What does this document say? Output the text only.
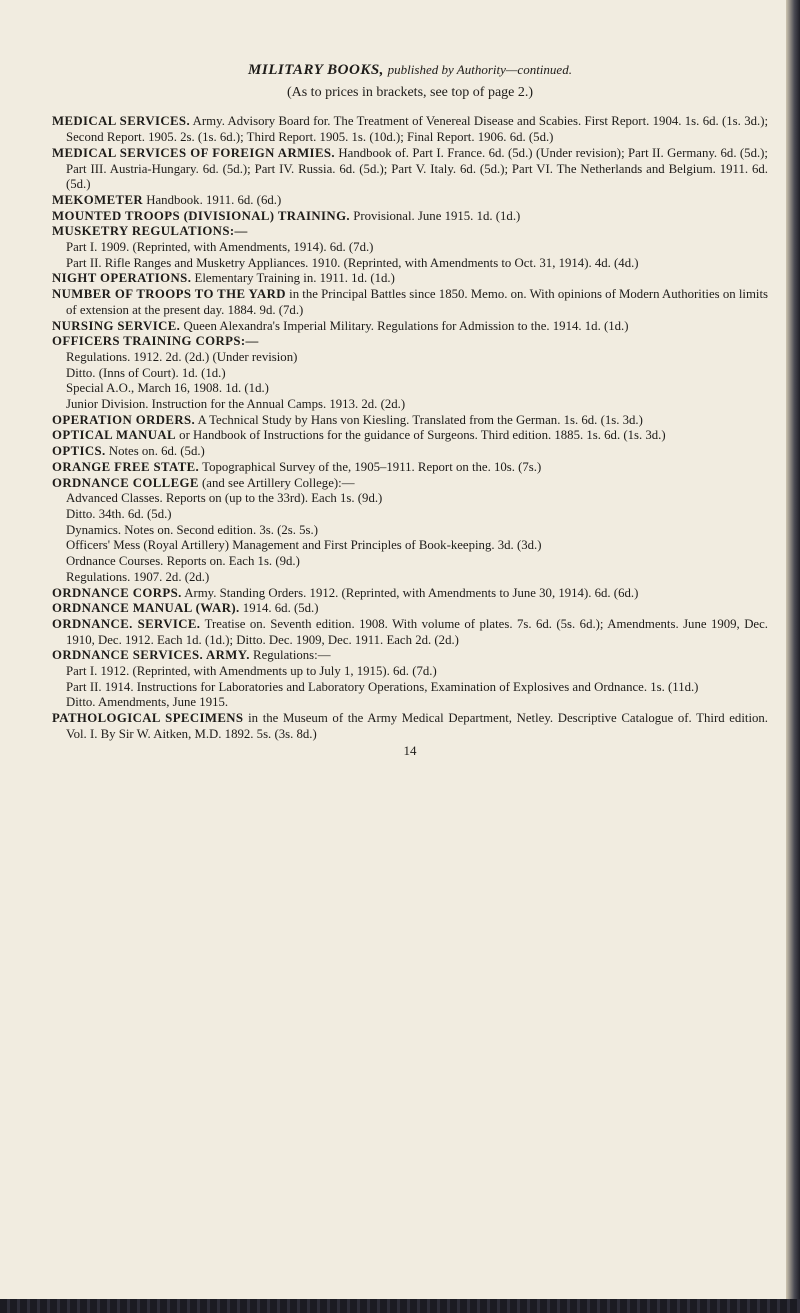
MILITARY BOOKS, published by Authority—continued.
(As to prices in brackets, see top of page 2.)

MEDICAL SERVICES. Army. Advisory Board for. The Treatment of Venereal Disease and Scabies. First Report. 1904. 1s. 6d. (1s. 3d.); Second Report. 1905. 2s. (1s. 6d.); Third Report. 1905. 1s. (10d.); Final Report. 1906. 6d. (5d.)

MEDICAL SERVICES OF FOREIGN ARMIES. Handbook of. Part I. France. 6d. (5d.) (Under revision); Part II. Germany. 6d. (5d.); Part III. Austria-Hungary. 6d. (5d.); Part IV. Russia. 6d. (5d.); Part V. Italy. 6d. (5d.); Part VI. The Netherlands and Belgium. 1911. 6d. (5d.)

MEKOMETER Handbook. 1911. 6d. (6d.)

MOUNTED TROOPS (DIVISIONAL) TRAINING. Provisional. June 1915. 1d. (1d.)

MUSKETRY REGULATIONS:—

Part I. 1909. (Reprinted, with Amendments, 1914). 6d. (7d.)

Part II. Rifle Ranges and Musketry Appliances. 1910. (Reprinted, with Amendments to Oct. 31, 1914). 4d. (4d.)

NIGHT OPERATIONS. Elementary Training in. 1911. 1d. (1d.)

NUMBER OF TROOPS TO THE YARD in the Principal Battles since 1850. Memo. on. With opinions of Modern Authorities on limits of extension at the present day. 1884. 9d. (7d.)

NURSING SERVICE. Queen Alexandra's Imperial Military. Regulations for Admission to the. 1914. 1d. (1d.)

OFFICERS TRAINING CORPS:—

Regulations. 1912. 2d. (2d.) (Under revision)

Ditto. (Inns of Court). 1d. (1d.)

Special A.O., March 16, 1908. 1d. (1d.)

Junior Division. Instruction for the Annual Camps. 1913. 2d. (2d.)

OPERATION ORDERS. A Technical Study by Hans von Kiesling. Translated from the German. 1s. 6d. (1s. 3d.)

OPTICAL MANUAL or Handbook of Instructions for the guidance of Surgeons. Third edition. 1885. 1s. 6d. (1s. 3d.)

OPTICS. Notes on. 6d. (5d.)

ORANGE FREE STATE. Topographical Survey of the, 1905–1911. Report on the. 10s. (7s.)

ORDNANCE COLLEGE (and see Artillery College):—

Advanced Classes. Reports on (up to the 33rd). Each 1s. (9d.)

Ditto. 34th. 6d. (5d.)

Dynamics. Notes on. Second edition. 3s. (2s. 5s.)

Officers' Mess (Royal Artillery) Management and First Principles of Book-keeping. 3d. (3d.)

Ordnance Courses. Reports on. Each 1s. (9d.)

Regulations. 1907. 2d. (2d.)

ORDNANCE CORPS. Army. Standing Orders. 1912. (Reprinted, with Amendments to June 30, 1914). 6d. (6d.)

ORDNANCE MANUAL (WAR). 1914. 6d. (5d.)

ORDNANCE. SERVICE. Treatise on. Seventh edition. 1908. With volume of plates. 7s. 6d. (5s. 6d.); Amendments. June 1909, Dec. 1910, Dec. 1912. Each 1d. (1d.); Ditto. Dec. 1909, Dec. 1911. Each 2d. (2d.)

ORDNANCE SERVICES. ARMY. Regulations:—

Part I. 1912. (Reprinted, with Amendments up to July 1, 1915). 6d. (7d.)

Part II. 1914. Instructions for Laboratories and Laboratory Operations, Examination of Explosives and Ordnance. 1s. (11d.)

Ditto. Amendments, June 1915.

PATHOLOGICAL SPECIMENS in the Museum of the Army Medical Department, Netley. Descriptive Catalogue of. Third edition. Vol. I. By Sir W. Aitken, M.D. 1892. 5s. (3s. 8d.)

14
